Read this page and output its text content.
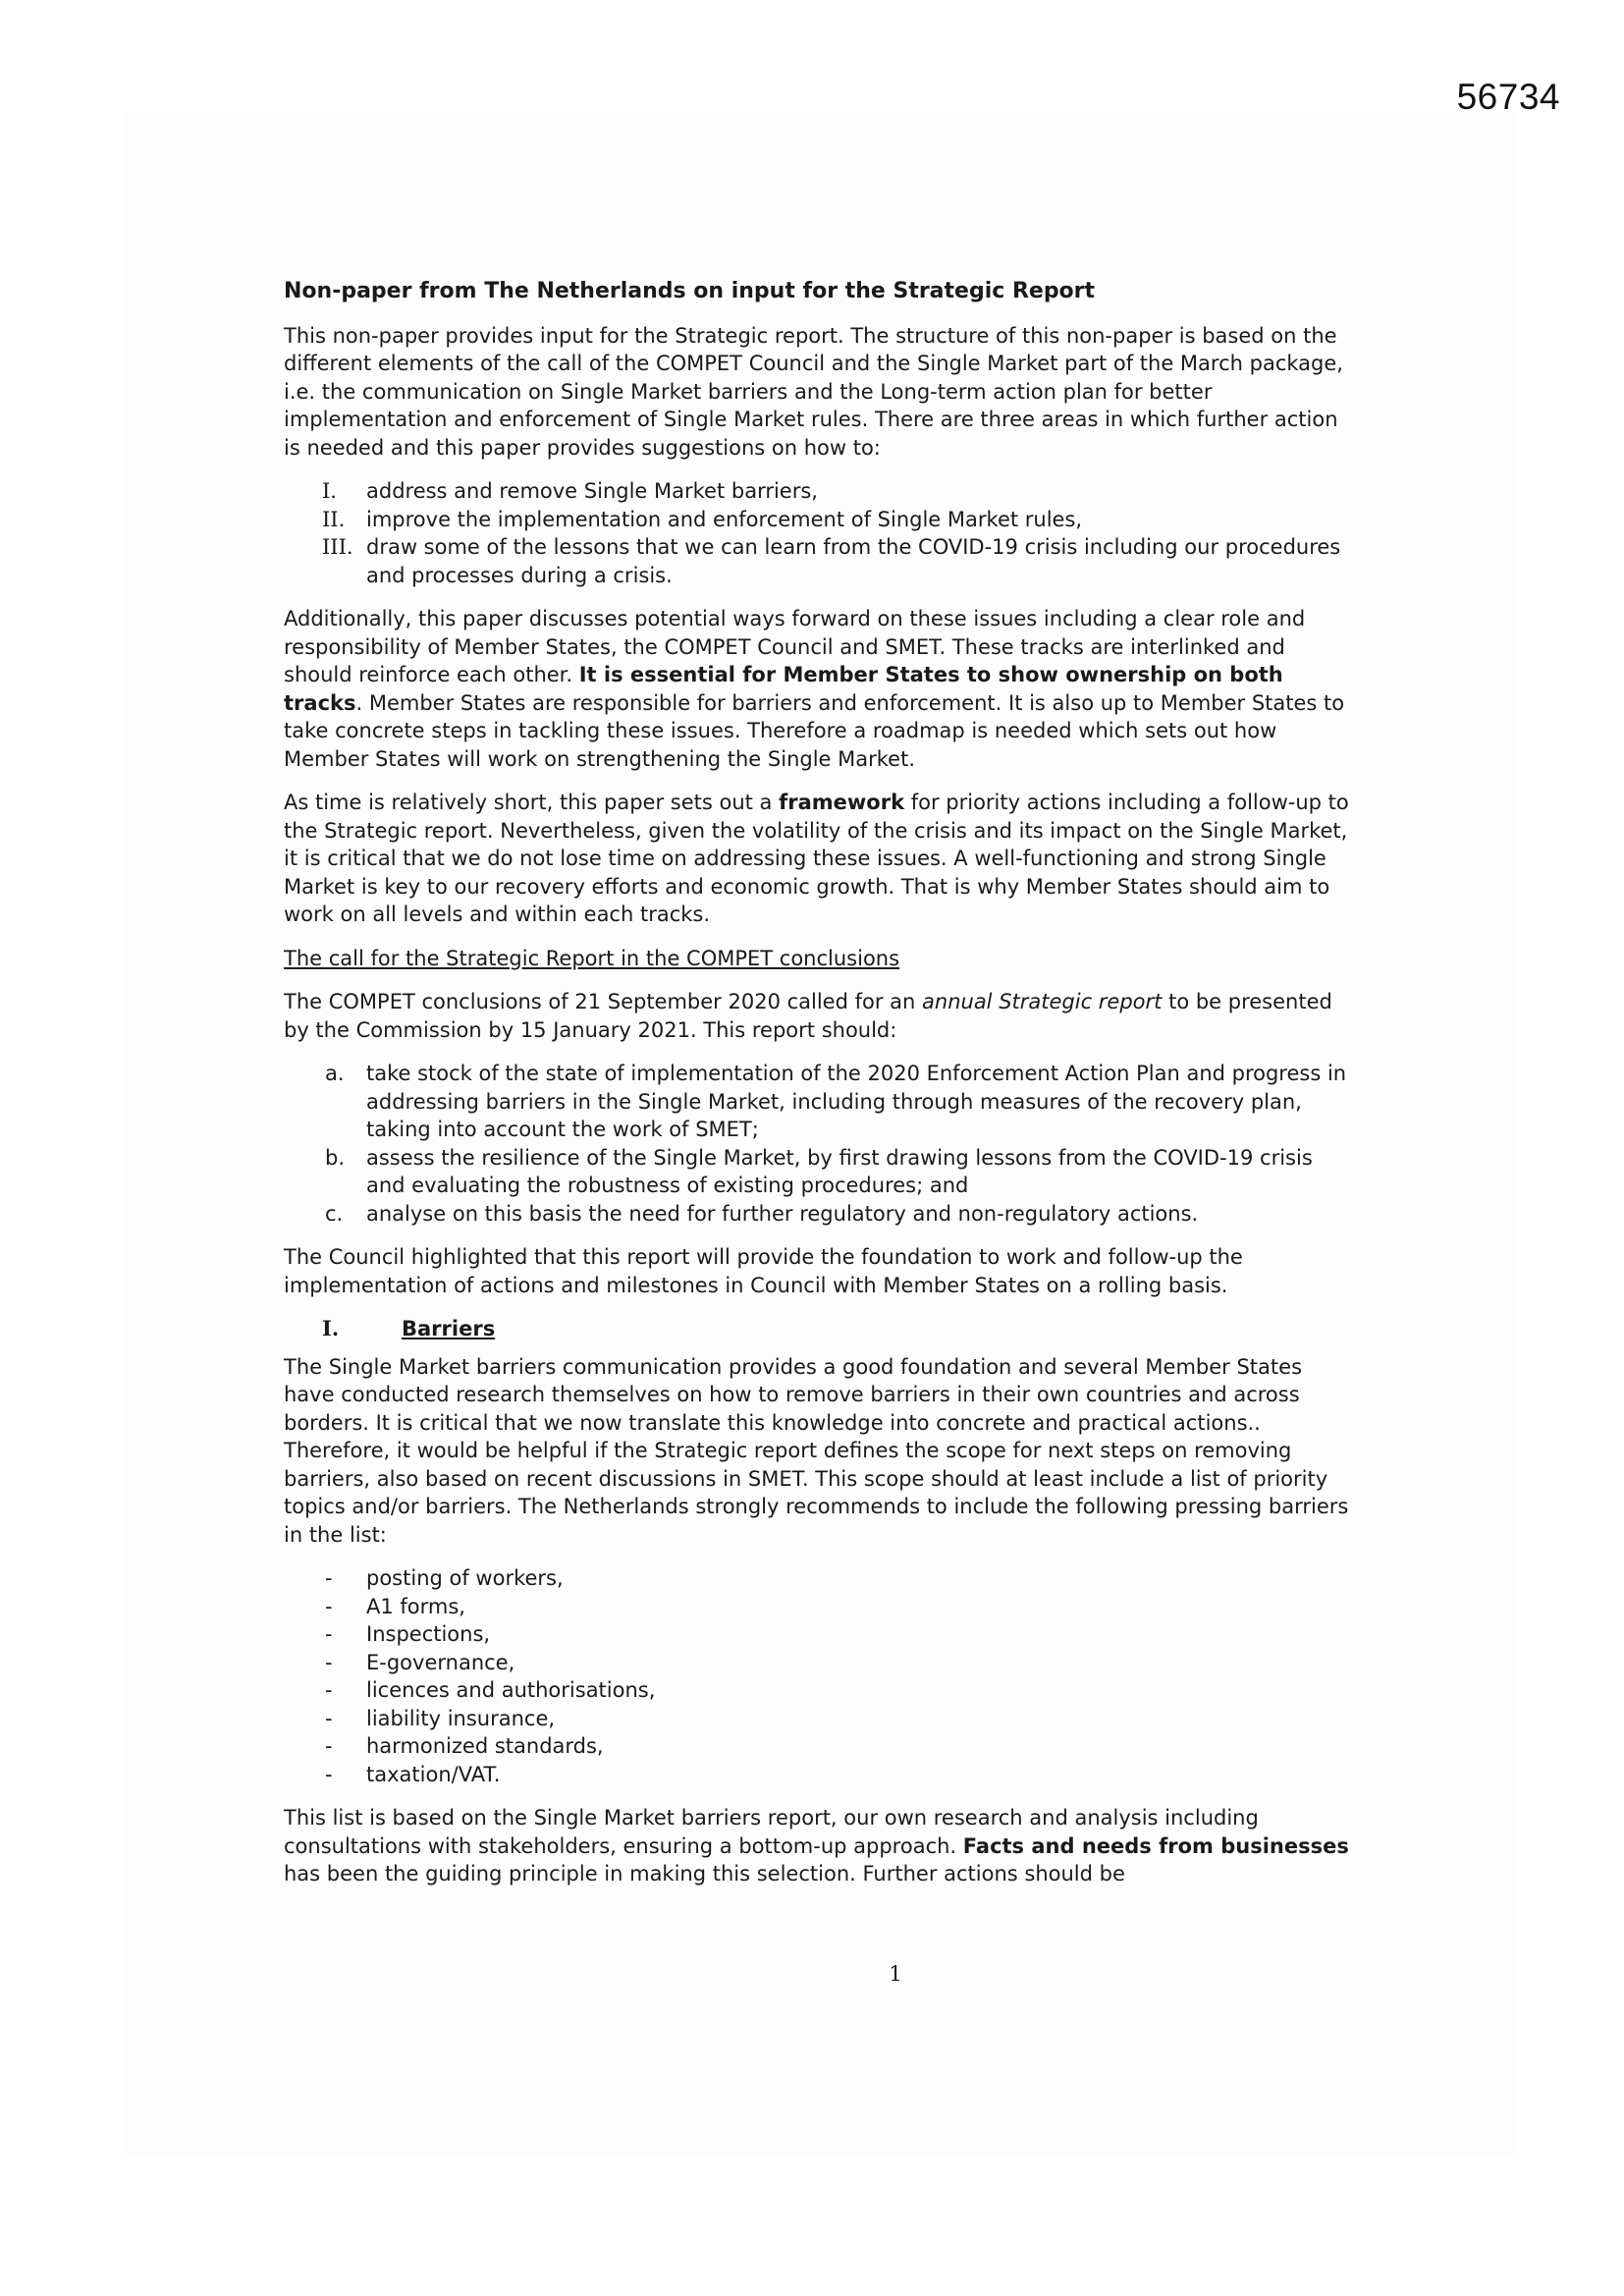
56734

Non-paper from The Netherlands on input for the Strategic Report

This non-paper provides input for the Strategic report. The structure of this non-paper is based on the different elements of the call of the COMPET Council and the Single Market part of the March package, i.e. the communication on Single Market barriers and the Long-term action plan for better implementation and enforcement of Single Market rules. There are three areas in which further action is needed and this paper provides suggestions on how to:

I.	address and remove Single Market barriers,
II.	improve the implementation and enforcement of Single Market rules,
III. draw some of the lessons that we can learn from the COVID-19 crisis including our procedures and processes during a crisis.

Additionally, this paper discusses potential ways forward on these issues including a clear role and responsibility of Member States, the COMPET Council and SMET. These tracks are interlinked and should reinforce each other. It is essential for Member States to show ownership on both tracks. Member States are responsible for barriers and enforcement. It is also up to Member States to take concrete steps in tackling these issues. Therefore a roadmap is needed which sets out how Member States will work on strengthening the Single Market.

As time is relatively short, this paper sets out a framework for priority actions including a follow-up to the Strategic report. Nevertheless, given the volatility of the crisis and its impact on the Single Market, it is critical that we do not lose time on addressing these issues. A well-functioning and strong Single Market is key to our recovery efforts and economic growth. That is why Member States should aim to work on all levels and within each tracks.

The call for the Strategic Report in the COMPET conclusions

The COMPET conclusions of 21 September 2020 called for an annual Strategic report to be presented by the Commission by 15 January 2021. This report should:

a.	take stock of the state of implementation of the 2020 Enforcement Action Plan and progress in addressing barriers in the Single Market, including through measures of the recovery plan, taking into account the work of SMET;
b.	assess the resilience of the Single Market, by first drawing lessons from the COVID-19 crisis and evaluating the robustness of existing procedures; and
c.	analyse on this basis the need for further regulatory and non-regulatory actions.

The Council highlighted that this report will provide the foundation to work and follow-up the implementation of actions and milestones in Council with Member States on a rolling basis.

I.	Barriers

The Single Market barriers communication provides a good foundation and several Member States have conducted research themselves on how to remove barriers in their own countries and across borders. It is critical that we now translate this knowledge into concrete and practical actions.. Therefore, it would be helpful if the Strategic report defines the scope for next steps on removing barriers, also based on recent discussions in SMET. This scope should at least include a list of priority topics and/or barriers. The Netherlands strongly recommends to include the following pressing barriers in the list:

-	posting of workers,
-	A1 forms,
-	Inspections,
-	E-governance,
-	licences and authorisations,
-	liability insurance,
-	harmonized standards,
-	taxation/VAT.

This list is based on the Single Market barriers report, our own research and analysis including consultations with stakeholders, ensuring a bottom-up approach. Facts and needs from businesses has been the guiding principle in making this selection. Further actions should be

1
